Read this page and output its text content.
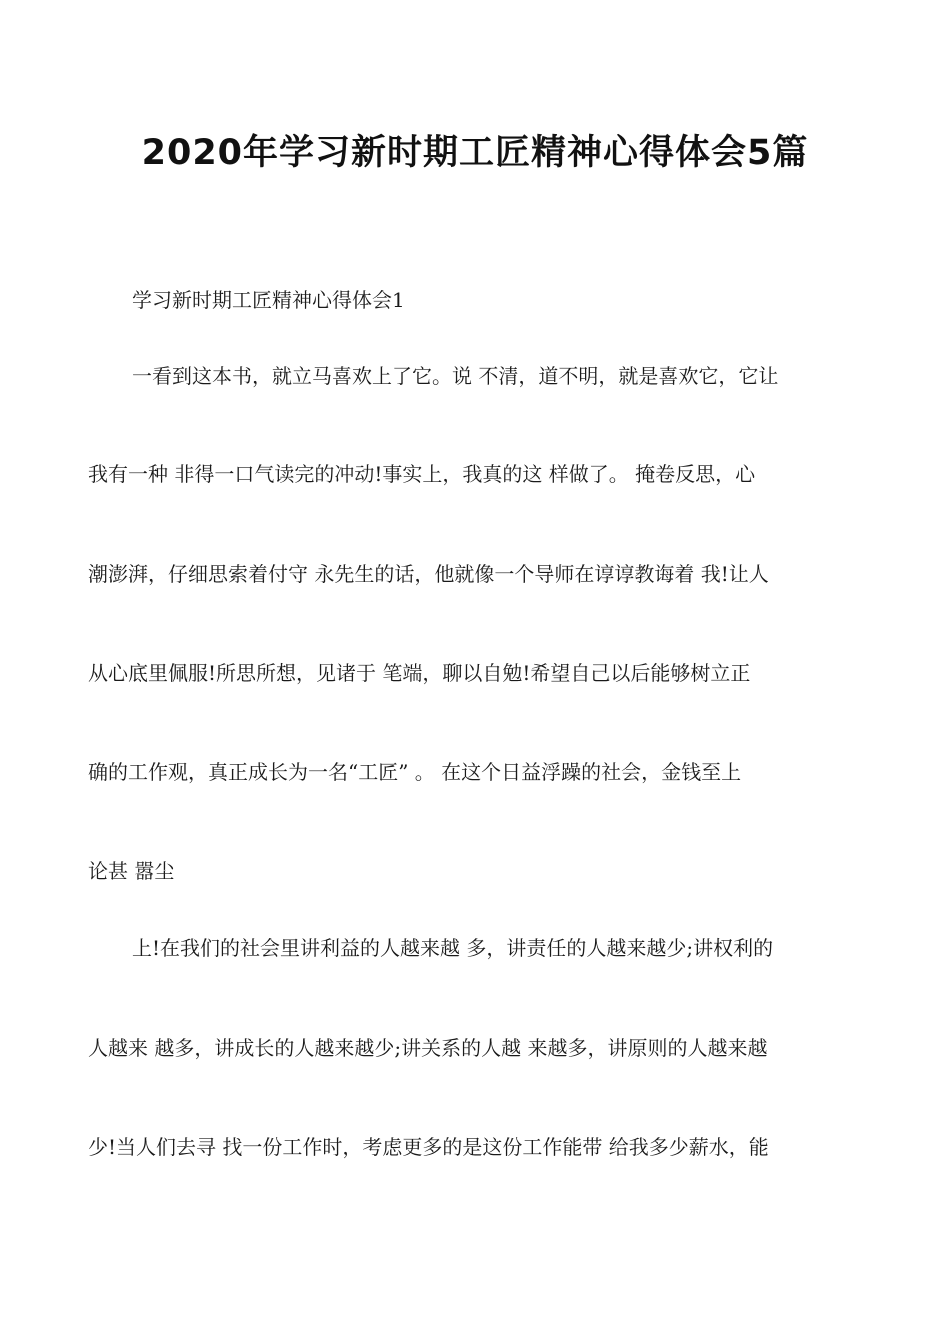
2020年学习新时期工匠精神心得体会5篇
学习新时期工匠精神心得体会1
一看到这本书，就立马喜欢上了它。说 不清，道不明，就是喜欢它，它让
我有一种 非得一口气读完的冲动!事实上，我真的这 样做了。 掩卷反思，心
潮澎湃，仔细思索着付守 永先生的话，他就像一个导师在谆谆教诲着 我!让人
从心底里佩服!所思所想，见诸于 笔端，聊以自勉!希望自己以后能够树立正
确的工作观，真正成长为一名“工匠” 。 在这个日益浮躁的社会，金钱至上
论甚 嚣尘
上!在我们的社会里讲利益的人越来越 多，讲责任的人越来越少;讲权利的
人越来 越多，讲成长的人越来越少;讲关系的人越 来越多，讲原则的人越来越
少!当人们去寻 找一份工作时，考虑更多的是这份工作能带 给我多少薪水，能
